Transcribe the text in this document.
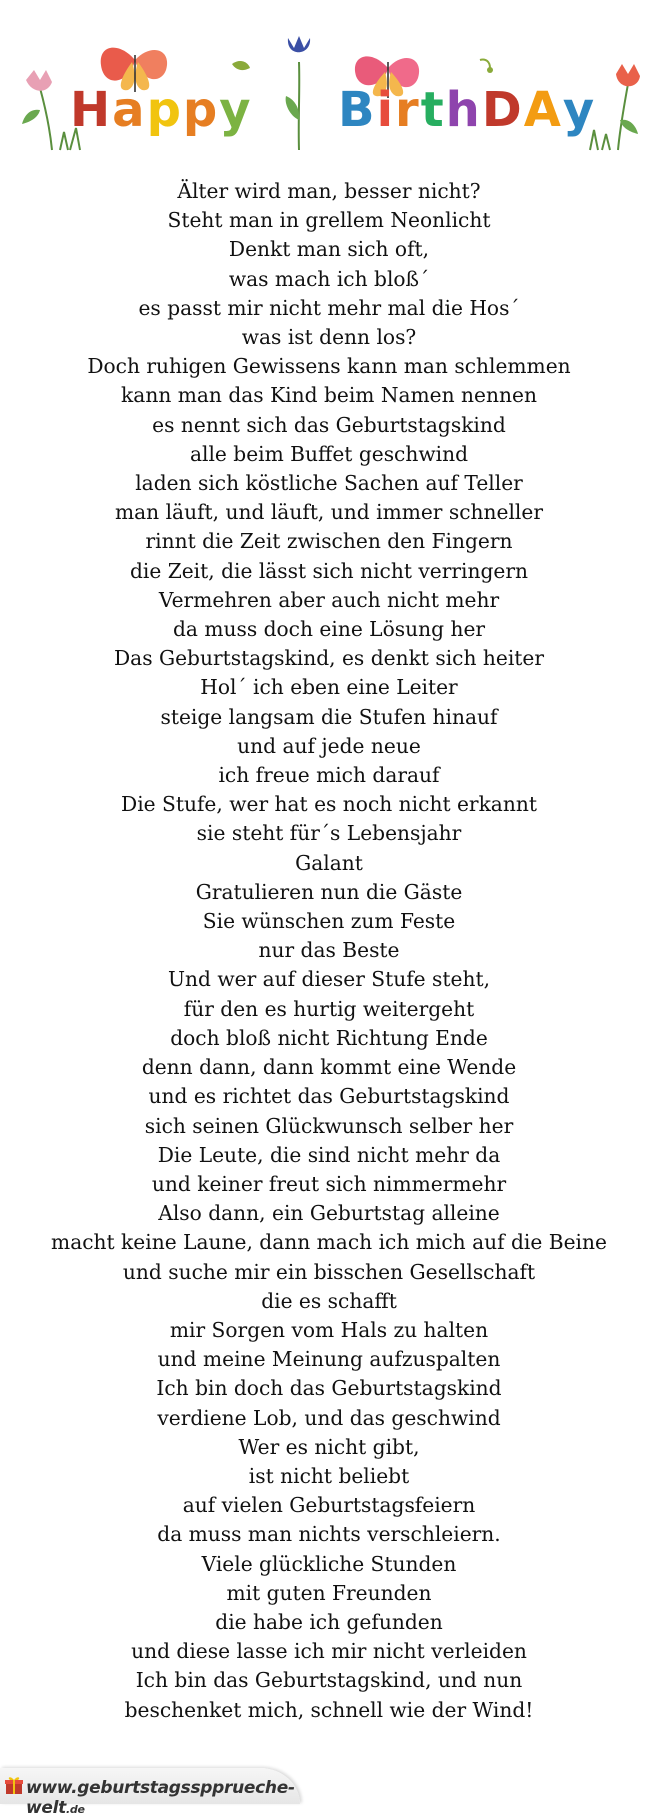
Happy BirthDAy
Älter wird man, besser nicht?
Steht man in grellem Neonlicht
Denkt man sich oft,
was mach ich bloß´
es passt mir nicht mehr mal die Hos´
was ist denn los?
Doch ruhigen Gewissens kann man schlemmen
kann man das Kind beim Namen nennen
es nennt sich das Geburtstagskind
alle beim Buffet geschwind
laden sich köstliche Sachen auf Teller
man läuft, und läuft, und immer schneller
rinnt die Zeit zwischen den Fingern
die Zeit, die lässt sich nicht verringern
Vermehren aber auch nicht mehr
da muss doch eine Lösung her
Das Geburtstagskind, es denkt sich heiter
Hol´ ich eben eine Leiter
steige langsam die Stufen hinauf
und auf jede neue
ich freue mich darauf
Die Stufe, wer hat es noch nicht erkannt
sie steht für´s Lebensjahr
Galant
Gratulieren nun die Gäste
Sie wünschen zum Feste
nur das Beste
Und wer auf dieser Stufe steht,
für den es hurtig weitergeht
doch bloß nicht Richtung Ende
denn dann, dann kommt eine Wende
und es richtet das Geburtstagskind
sich seinen Glückwunsch selber her
Die Leute, die sind nicht mehr da
und keiner freut sich nimmermehr
Also dann, ein Geburtstag alleine
macht keine Laune, dann mach ich mich auf die Beine
und suche mir ein bisschen Gesellschaft
die es schafft
mir Sorgen vom Hals zu halten
und meine Meinung aufzuspalten
Ich bin doch das Geburtstagskind
verdiene Lob, und das geschwind
Wer es nicht gibt,
ist nicht beliebt
auf vielen Geburtstagsfeiern
da muss man nichts verschleiern.
Viele glückliche Stunden
mit guten Freunden
die habe ich gefunden
und diese lasse ich mir nicht verleiden
Ich bin das Geburtstagskind, und nun
beschenket mich, schnell wie der Wind!
www.geburtstagsspprueche-welt.de
